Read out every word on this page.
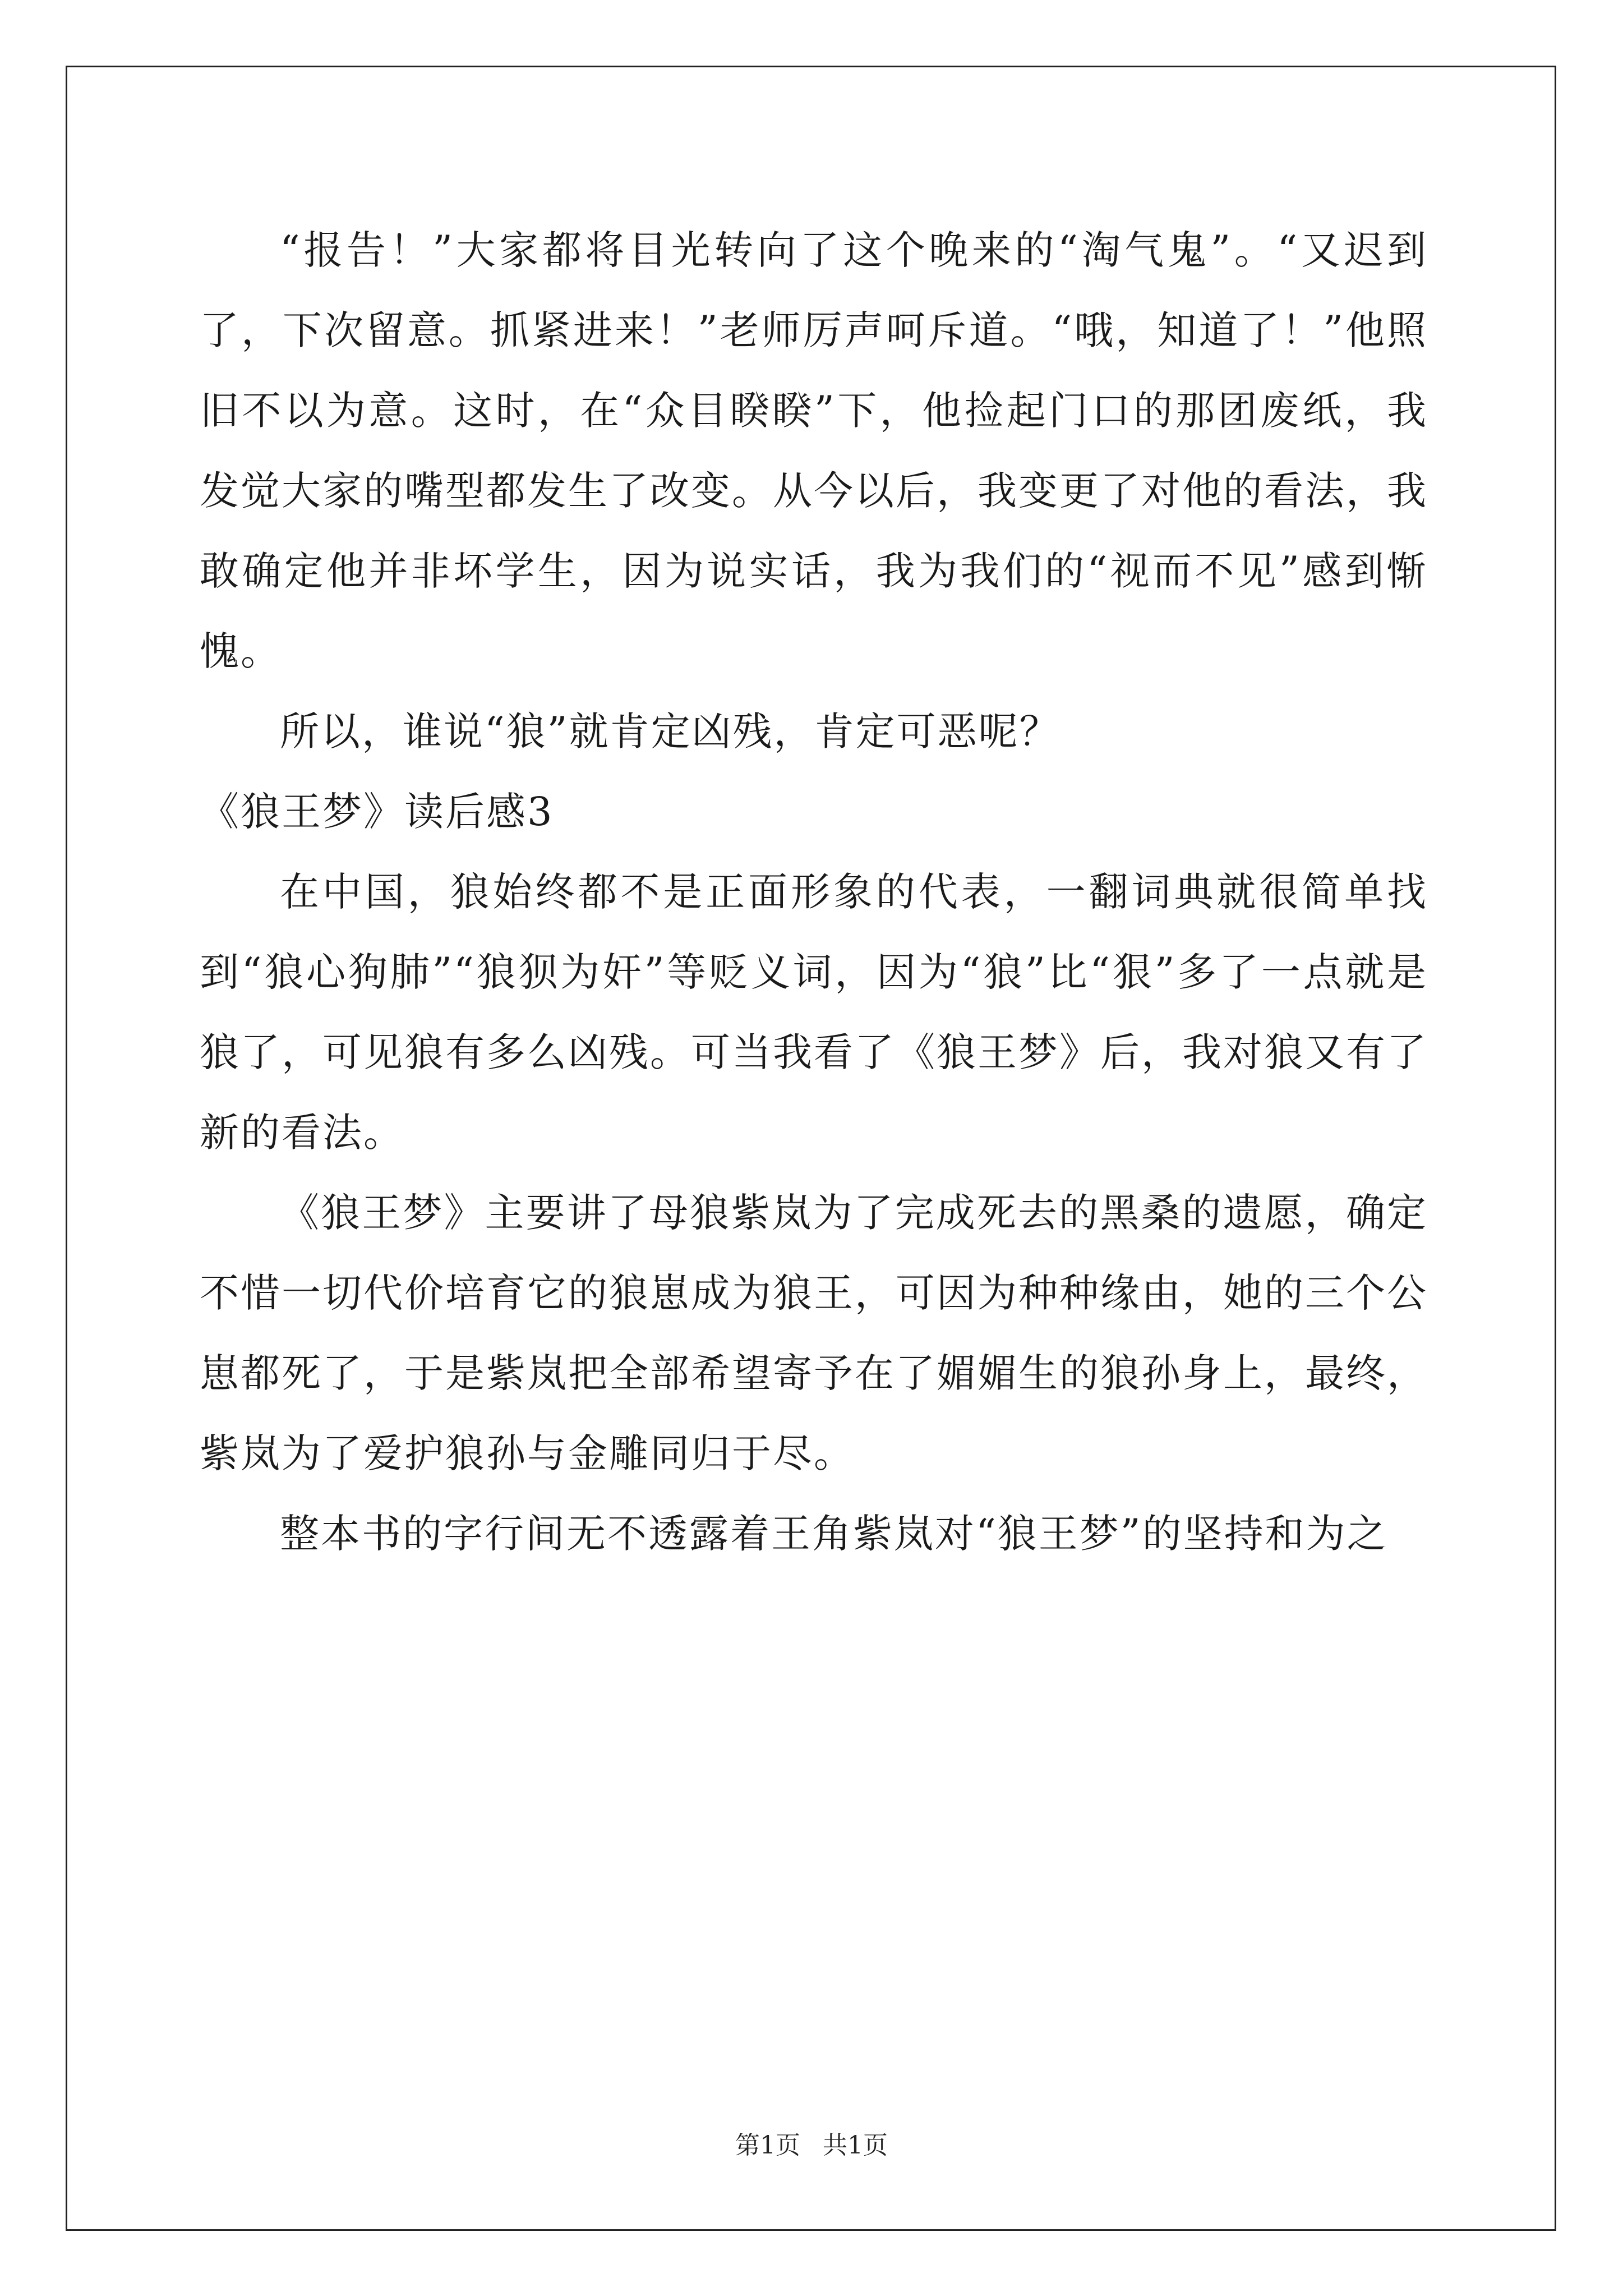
“报告！”大家都将目光转向了这个晚来的“淘气鬼”。“又迟到了，下次留意。抓紧进来！”老师厉声呵斥道。“哦，知道了！”他照旧不以为意。这时，在“众目睽睽”下，他捡起门口的那团废纸，我发觉大家的嘴型都发生了改变。从今以后，我变更了对他的看法，我敢确定他并非坏学生，因为说实话，我为我们的“视而不见”感到惭愧。

所以，谁说“狼”就肯定凶残，肯定可恶呢？

《狼王梦》读后感3

在中国，狼始终都不是正面形象的代表，一翻词典就很简单找到“狼心狗肺”“狼狈为奸”等贬义词，因为“狼”比“狠”多了一点就是狼了，可见狼有多么凶残。可当我看了《狼王梦》后，我对狼又有了新的看法。

《狼王梦》主要讲了母狼紫岚为了完成死去的黑桑的遗愿，确定不惜一切代价培育它的狼崽成为狼王，可因为种种缘由，她的三个公崽都死了，于是紫岚把全部希望寄予在了媚媚生的狼孙身上，最终，紫岚为了爱护狼孙与金雕同归于尽。

整本书的字行间无不透露着王角紫岚对“狼王梦”的坚持和为之

第1页 共1页
